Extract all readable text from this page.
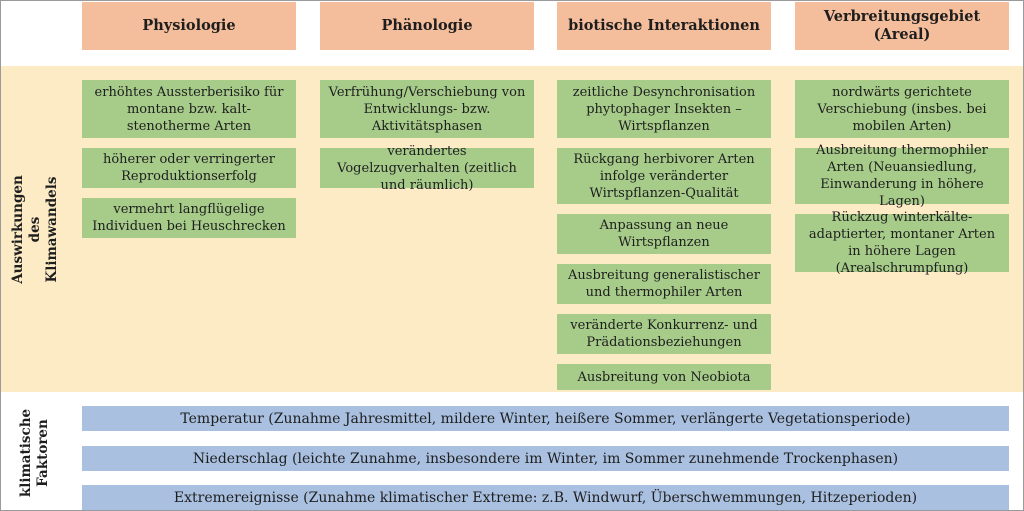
Auswirkungen des
Klimawandels
klimatische
Faktoren
Physiologie	Phänologie	biotische Interaktionen
Verbreitungsgebiet
(Areal)
erhöhtes Aussterberisiko für montane bzw. kalt-stenotherme Arten
höherer oder verringerter Reproduktionserfolg
vermehrt langflügelige Individuen bei Heuschrecken
Verfrühung/Verschiebung von Entwicklungs- bzw. Aktivitätsphasen
verändertes Vogelzugverhalten (zeitlich und räumlich)
zeitliche Desynchronisation phytophager Insekten – Wirtspflanzen
Rückgang herbivorer Arten infolge veränderter Wirtspflanzen-Qualität
Anpassung an neue Wirtspflanzen
Ausbreitung generalistischer und thermophiler Arten
veränderte Konkurrenz- und Prädationsbeziehungen
Ausbreitung von Neobiota
nordwärts gerichtete Verschiebung (insbes. bei mobilen Arten)
Ausbreitung thermophiler Arten (Neuansiedlung, Einwanderung in höhere Lagen)
Rückzug winterkälte-adaptierter, montaner Arten in höhere Lagen (Arealschrumpfung)
Temperatur (Zunahme Jahresmittel, mildere Winter, heißere Sommer, verlängerte Vegetationsperiode)
Niederschlag (leichte Zunahme, insbesondere im Winter, im Sommer zunehmende Trockenphasen)
Extremereignisse (Zunahme klimatischer Extreme: z.B. Windwurf, Überschwemmungen, Hitzeperioden)
